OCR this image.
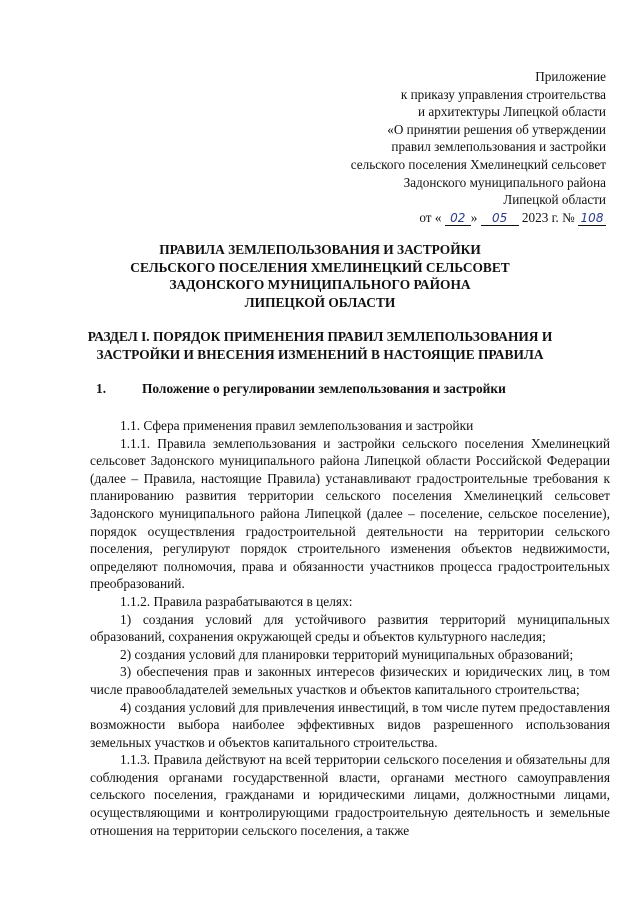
Приложение
к приказу управления строительства
и архитектуры Липецкой области
«О принятии решения об утверждении
правил землепользования и застройки
сельского поселения Хмелинецкий сельсовет
Задонского муниципального района
Липецкой области
от « 02 » 05 2023 г. № 108
ПРАВИЛА ЗЕМЛЕПОЛЬЗОВАНИЯ И ЗАСТРОЙКИ
СЕЛЬСКОГО ПОСЕЛЕНИЯ ХМЕЛИНЕЦКИЙ СЕЛЬСОВЕТ
ЗАДОНСКОГО МУНИЦИПАЛЬНОГО РАЙОНА
ЛИПЕЦКОЙ ОБЛАСТИ
РАЗДЕЛ I. ПОРЯДОК ПРИМЕНЕНИЯ ПРАВИЛ ЗЕМЛЕПОЛЬЗОВАНИЯ И
ЗАСТРОЙКИ И ВНЕСЕНИЯ ИЗМЕНЕНИЙ В НАСТОЯЩИЕ ПРАВИЛА
1.	Положение о регулировании землепользования и застройки

1.1. Сфера применения правил землепользования и застройки

1.1.1. Правила землепользования и застройки сельского поселения Хмелинецкий сельсовет Задонского муниципального района Липецкой области Российской Федерации (далее – Правила, настоящие Правила) устанавливают градостроительные требования к планированию развития территории сельского поселения Хмелинецкий сельсовет Задонского муниципального района Липецкой (далее – поселение, сельское поселение), порядок осуществления градостроительной деятельности на территории сельского поселения, регулируют порядок строительного изменения объектов недвижимости, определяют полномочия, права и обязанности участников процесса градостроительных преобразований.

1.1.2. Правила разрабатываются в целях:

1) создания условий для устойчивого развития территорий муниципальных образований, сохранения окружающей среды и объектов культурного наследия;

2) создания условий для планировки территорий муниципальных образований;

3) обеспечения прав и законных интересов физических и юридических лиц, в том числе правообладателей земельных участков и объектов капитального строительства;

4) создания условий для привлечения инвестиций, в том числе путем предоставления возможности выбора наиболее эффективных видов разрешенного использования земельных участков и объектов капитального строительства.

1.1.3. Правила действуют на всей территории сельского поселения и обязательны для соблюдения органами государственной власти, органами местного самоуправления сельского поселения, гражданами и юридическими лицами, должностными лицами, осуществляющими и контролирующими градостроительную деятельность и земельные отношения на территории сельского поселения, а также
